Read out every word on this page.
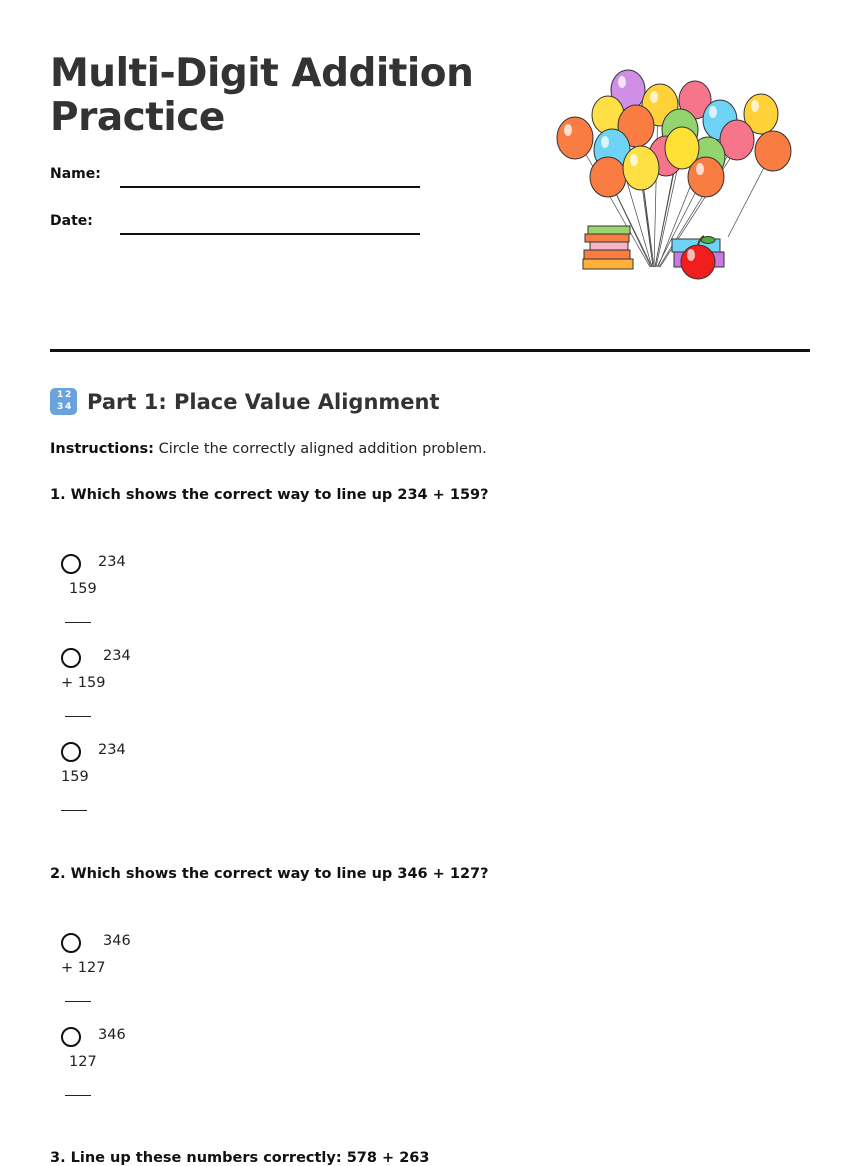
Multi-Digit Addition Practice
Name:
Date:
1 2
3 4 Part 1: Place Value Alignment
Instructions: Circle the correctly aligned addition problem.
1. Which shows the correct way to line up 234 + 159?
234
159
234
+ 159
234
159
2. Which shows the correct way to line up 346 + 127?
346
+ 127
346
127
3. Line up these numbers correctly: 578 + 263
